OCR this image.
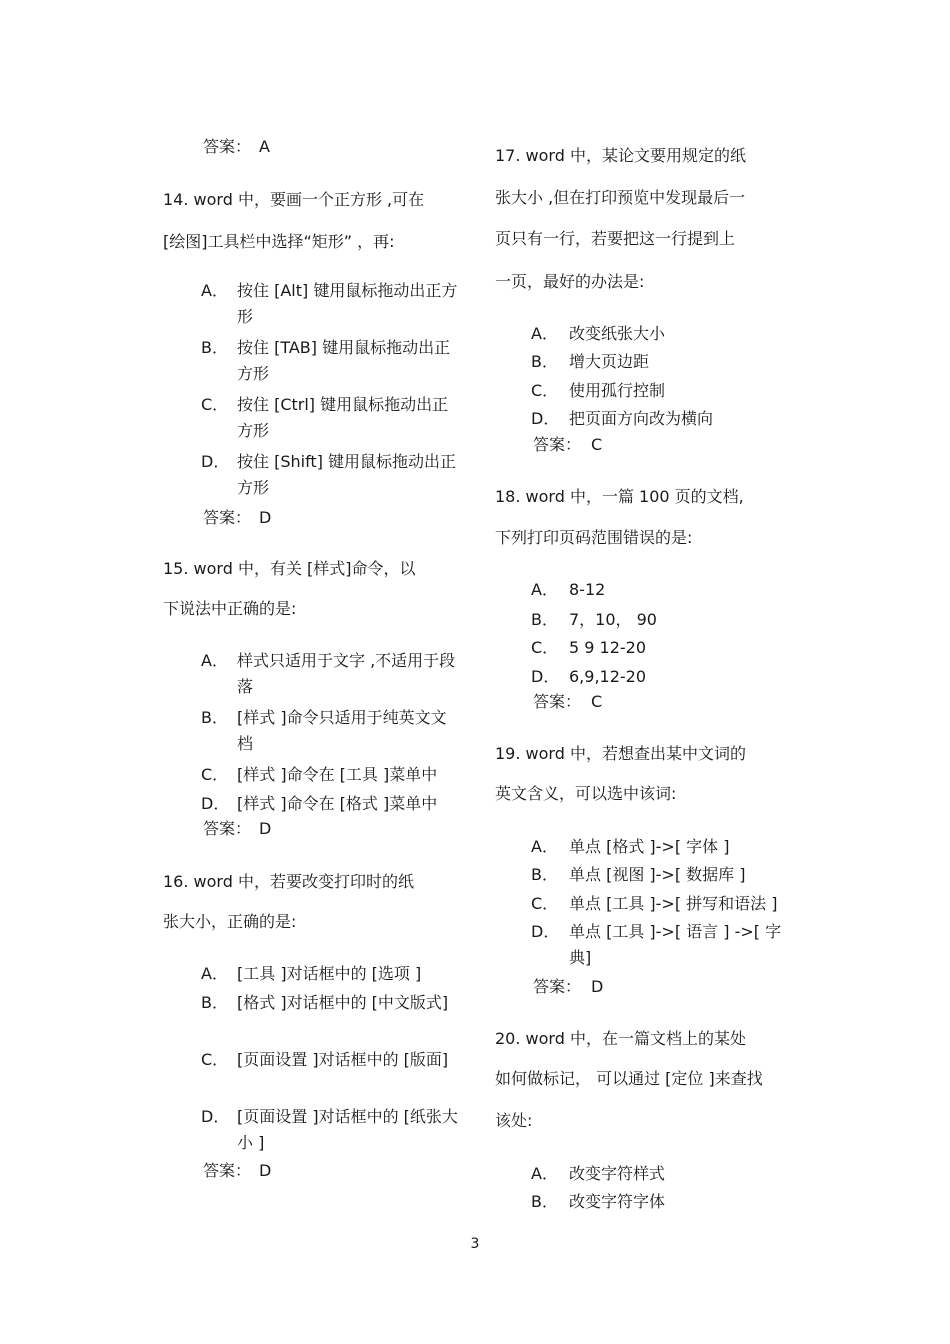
答案： A

14. word 中，要画一个正方形 ,可在

[绘图]工具栏中选择“矩形” ，再:

A． 按住 [Alt] 键用鼠标拖动出正方形
B． 按住 [TAB] 键用鼠标拖动出正方形
C． 按住 [Ctrl] 键用鼠标拖动出正方形
D． 按住 [Shift] 键用鼠标拖动出正方形
答案： D

15. word 中，有关 [样式]命令，以

下说法中正确的是:

A． 样式只适用于文字 ,不适用于段落
B． [样式 ]命令只适用于纯英文文档
C． [样式 ]命令在 [工具 ]菜单中
D． [样式 ]命令在 [格式 ]菜单中
答案： D

16. word 中，若要改变打印时的纸

张大小，正确的是:

A． [工具 ]对话框中的 [选项 ]
B． [格式 ]对话框中的 [中文版式]
C． [页面设置 ]对话框中的 [版面]
D． [页面设置 ]对话框中的 [纸张大小 ]
答案： D

17. word 中，某论文要用规定的纸

张大小 ,但在打印预览中发现最后一

页只有一行，若要把这一行提到上

一页，最好的办法是:

A． 改变纸张大小
B． 增大页边距
C． 使用孤行控制
D． 把页面方向改为横向
答案： C

18. word 中，一篇 100 页的文档,

下列打印页码范围错误的是:

A． 8-12
B． 7，10， 90
C． 5 9 12-20
D． 6,9,12-20
答案： C

19. word 中，若想查出某中文词的

英文含义，可以选中该词:

A． 单点 [格式 ]->[ 字体 ]
B． 单点 [视图 ]->[ 数据库 ]
C． 单点 [工具 ]->[ 拼写和语法 ]
D． 单点 [工具 ]->[ 语言 ] ->[ 字典]
答案： D

20. word 中，在一篇文档上的某处

如何做标记， 可以通过 [定位 ]来查找

该处:

A． 改变字符样式
B． 改变字符字体
3
